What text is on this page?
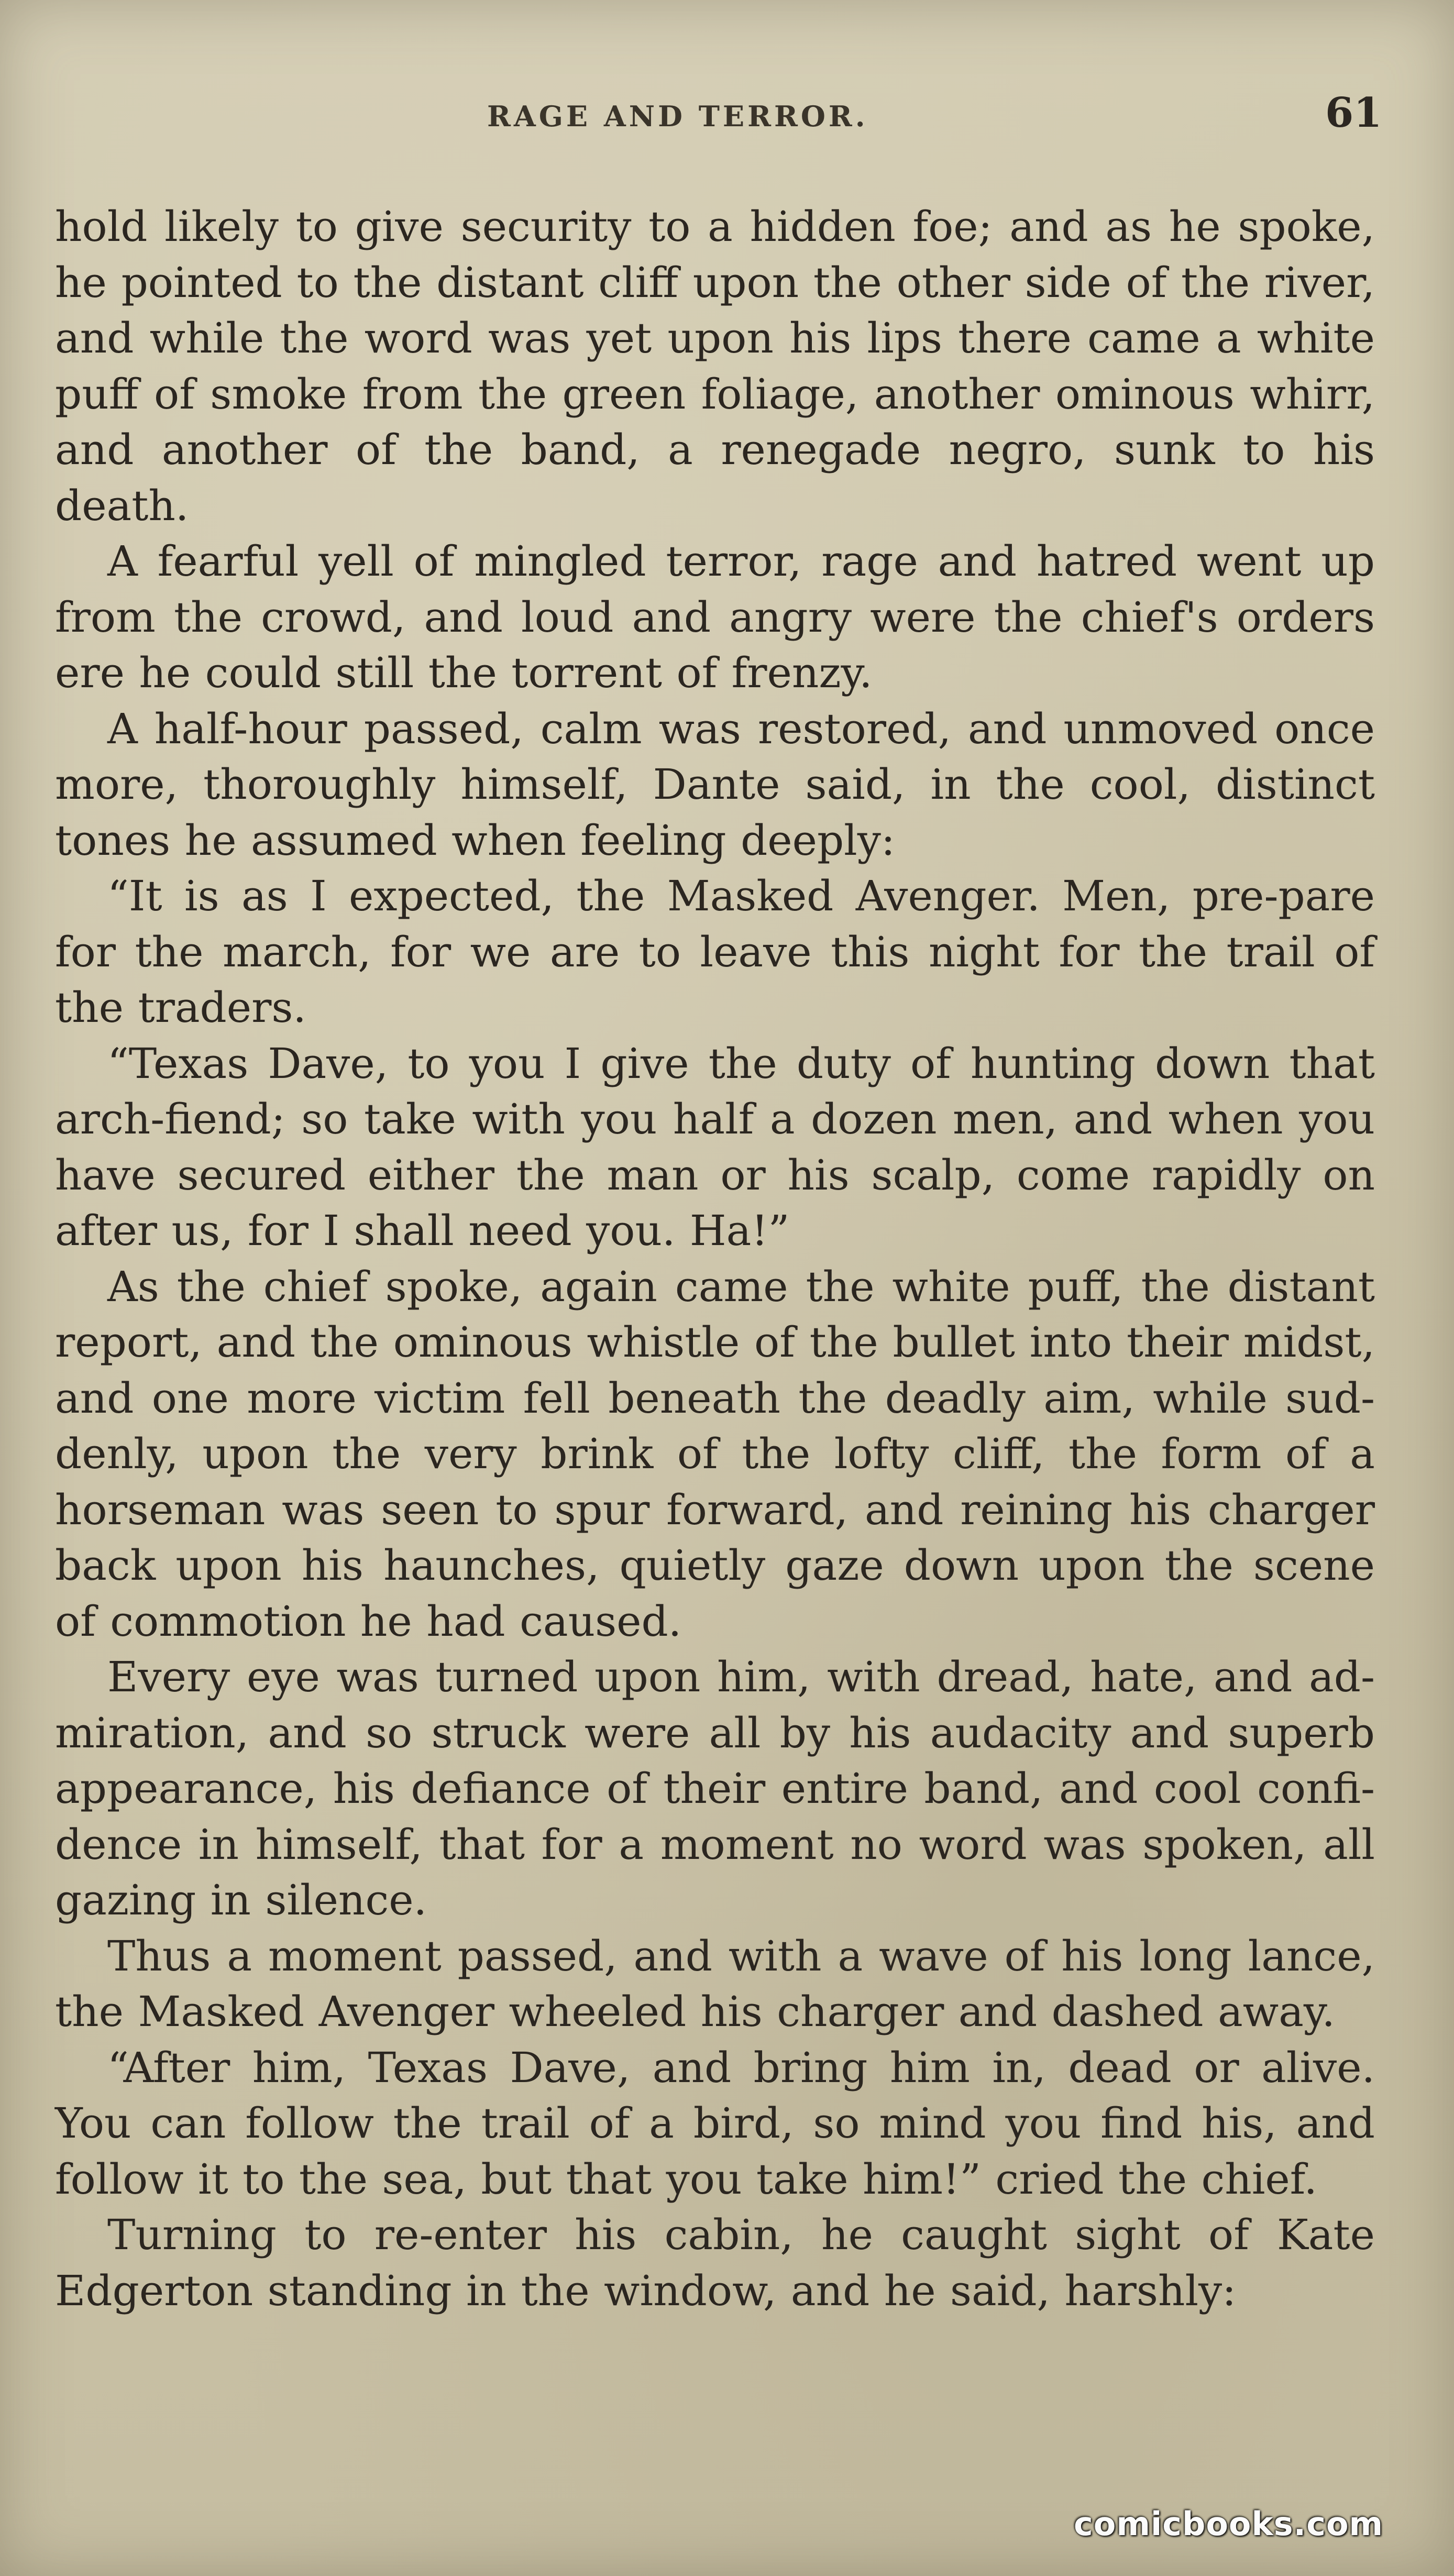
RAGE AND TERROR.	61

hold likely to give security to a hidden foe; and as he spoke, he pointed to the distant cliff upon the other side of the river, and while the word was yet upon his lips there came a white puff of smoke from the green foliage, another ominous whirr, and another of the band, a renegade negro, sunk to his death.

A fearful yell of mingled terror, rage and hatred went up from the crowd, and loud and angry were the chief's orders ere he could still the torrent of frenzy.

A half-hour passed, calm was restored, and unmoved once more, thoroughly himself, Dante said, in the cool, distinct tones he assumed when feeling deeply:

“It is as I expected, the Masked Avenger. Men, pre-pare for the march, for we are to leave this night for the trail of the traders.

“Texas Dave, to you I give the duty of hunting down that arch-fiend; so take with you half a dozen men, and when you have secured either the man or his scalp, come rapidly on after us, for I shall need you. Ha!”

As the chief spoke, again came the white puff, the distant report, and the ominous whistle of the bullet into their midst, and one more victim fell beneath the deadly aim, while sud-denly, upon the very brink of the lofty cliff, the form of a horseman was seen to spur forward, and reining his charger back upon his haunches, quietly gaze down upon the scene of commotion he had caused.

Every eye was turned upon him, with dread, hate, and ad-miration, and so struck were all by his audacity and superb appearance, his defiance of their entire band, and cool confi-dence in himself, that for a moment no word was spoken, all gazing in silence.

Thus a moment passed, and with a wave of his long lance, the Masked Avenger wheeled his charger and dashed away.

“After him, Texas Dave, and bring him in, dead or alive. You can follow the trail of a bird, so mind you find his, and follow it to the sea, but that you take him!” cried the chief.

Turning to re-enter his cabin, he caught sight of Kate Edgerton standing in the window, and he said, harshly:

comicbooks.com
